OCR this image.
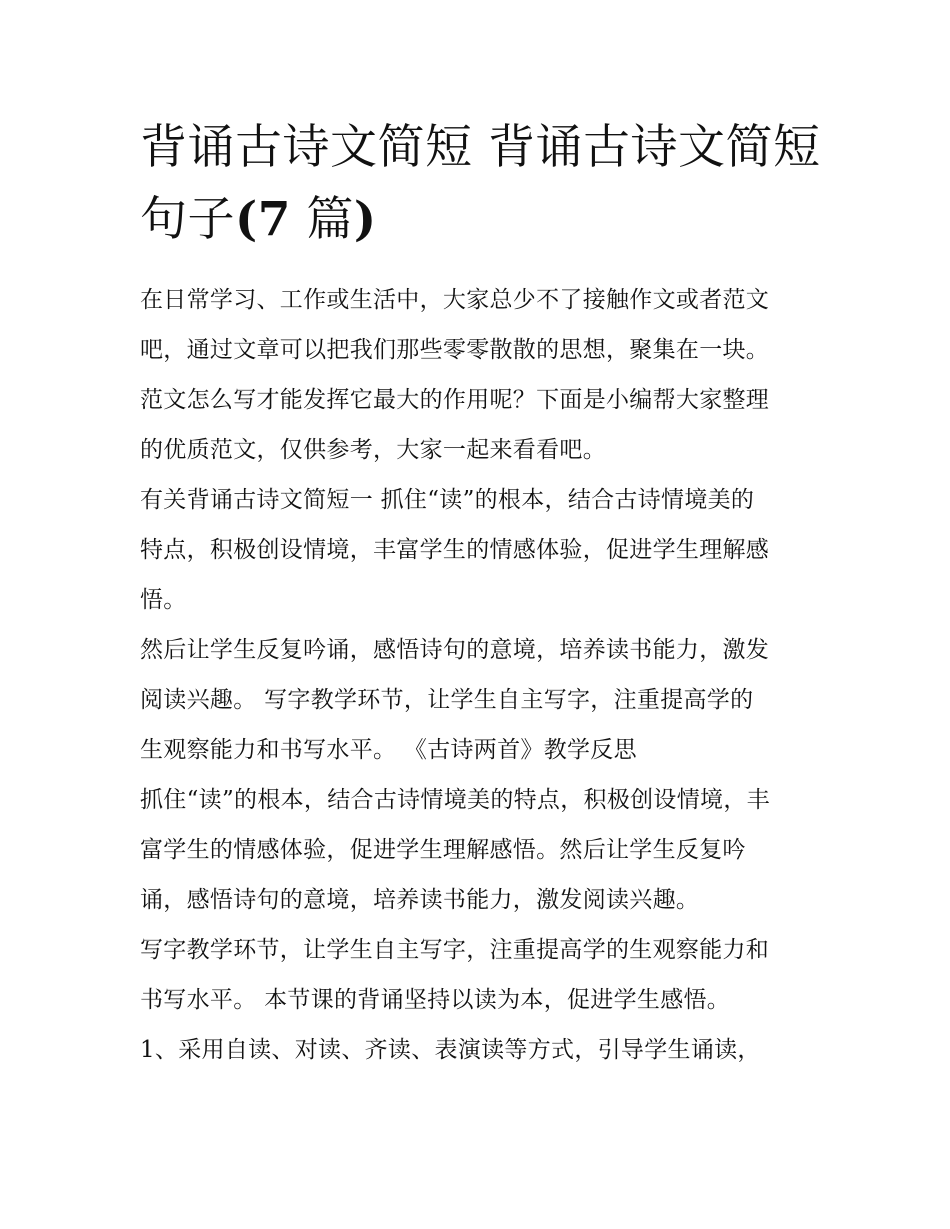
背诵古诗文简短 背诵古诗文简短句子(7 篇)
在日常学习、工作或生活中，大家总少不了接触作文或者范文
吧，通过文章可以把我们那些零零散散的思想，聚集在一块。
范文怎么写才能发挥它最大的作用呢？下面是小编帮大家整理
的优质范文，仅供参考，大家一起来看看吧。
有关背诵古诗文简短一 抓住“读”的根本，结合古诗情境美的
特点，积极创设情境，丰富学生的情感体验，促进学生理解感
悟。
然后让学生反复吟诵，感悟诗句的意境，培养读书能力，激发
阅读兴趣。 写字教学环节，让学生自主写字，注重提高学的
生观察能力和书写水平。 《古诗两首》教学反思
抓住“读”的根本，结合古诗情境美的特点，积极创设情境，丰
富学生的情感体验，促进学生理解感悟。然后让学生反复吟
诵，感悟诗句的意境，培养读书能力，激发阅读兴趣。
写字教学环节，让学生自主写字，注重提高学的生观察能力和
书写水平。 本节课的背诵坚持以读为本，促进学生感悟。
1、采用自读、对读、齐读、表演读等方式，引导学生诵读，
